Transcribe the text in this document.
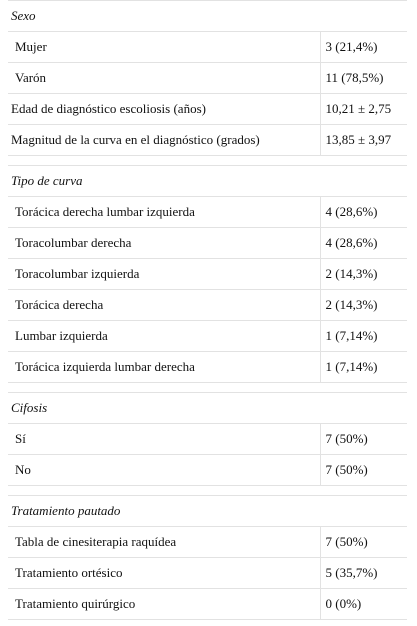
Sexo	
Mujer	3 (21,4%)
Varón	11 (78,5%)
Edad de diagnóstico escoliosis (años)	10,21 ± 2,75
Magnitud de la curva en el diagnóstico (grados)	13,85 ± 3,97

Tipo de curva	
Torácica derecha lumbar izquierda	4 (28,6%)
Toracolumbar derecha	4 (28,6%)
Toracolumbar izquierda	2 (14,3%)
Torácica derecha	2 (14,3%)
Lumbar izquierda	1 (7,14%)
Torácica izquierda lumbar derecha	1 (7,14%)

Cifosis	
Sí	7 (50%)
No	7 (50%)

Tratamiento pautado	
Tabla de cinesiterapia raquídea	7 (50%)
Tratamiento ortésico	5 (35,7%)
Tratamiento quirúrgico	0 (0%)
